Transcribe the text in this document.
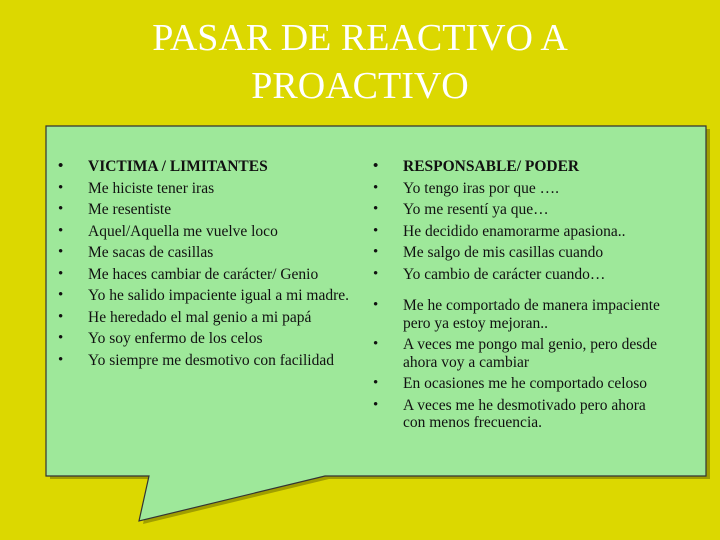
PASAR DE REACTIVO A
PROACTIVO
• VICTIMA / LIMITANTES
• Me hiciste tener iras
• Me resentiste
• Aquel/Aquella me vuelve loco
• Me sacas de casillas
• Me haces cambiar de carácter/ Genio
• Yo he salido impaciente igual a mi madre.
• He heredado el mal genio a mi papá
• Yo soy enfermo de los celos
• Yo siempre me desmotivo con facilidad
• RESPONSABLE/ PODER
• Yo tengo iras por que ….
• Yo me resentí ya que…
• He decidido enamorarme apasiona..
• Me salgo de mis casillas cuando
• Yo cambio de carácter cuando…
• Me he comportado de manera impaciente pero ya estoy mejoran..
• A veces me pongo mal genio, pero desde ahora voy a cambiar
• En ocasiones me he comportado celoso
• A veces me he desmotivado pero ahora con menos frecuencia.
